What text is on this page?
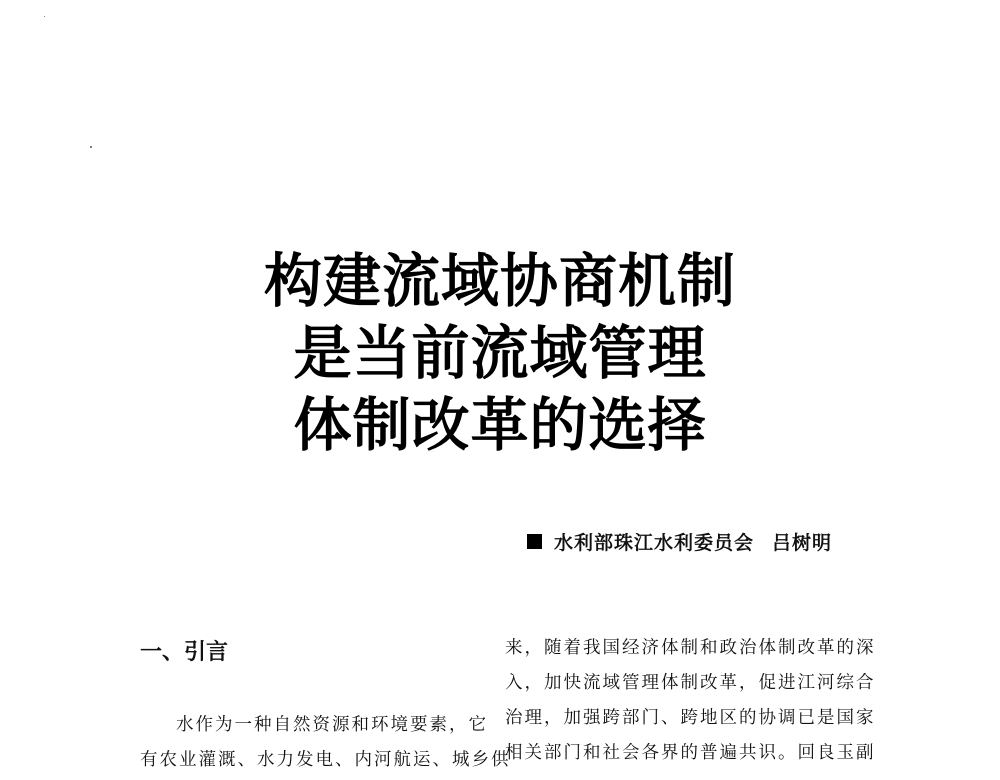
构建流域协商机制
是当前流域管理
体制改革的选择
水利部珠江水利委员会 吕树明
一、引言
水作为一种自然资源和环境要素，它
有农业灌溉、水力发电、内河航运、城乡供
来，随着我国经济体制和政治体制改革的深
入，加快流域管理体制改革，促进江河综合
治理，加强跨部门、跨地区的协调已是国家
相关部门和社会各界的普遍共识。回良玉副
